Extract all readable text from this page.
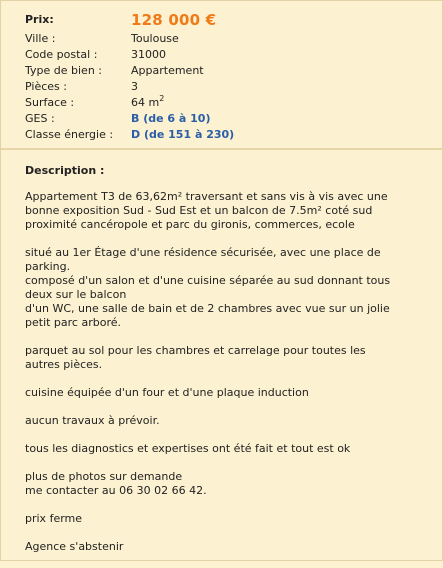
Prix:	128 000 €
Ville :	Toulouse
Code postal :	31000
Type de bien :	Appartement
Pièces :	3
Surface :	64 $m^2$
GES :	B (de 6 à 10)
Classe énergie : D (de 151 à 230)
Description :

Appartement T3 de 63,62m² traversant et sans vis à vis avec une
bonne exposition Sud - Sud Est et un balcon de 7.5m² coté sud
proximité cancéropole et parc du gironis, commerces, ecole

situé au 1er Étage d'une résidence sécurisée, avec une place de
parking.
composé d'un salon et d'une cuisine séparée au sud donnant tous
deux sur le balcon
d'un WC, une salle de bain et de 2 chambres avec vue sur un jolie
petit parc arboré.

parquet au sol pour les chambres et carrelage pour toutes les
autres pièces.

cuisine équipée d'un four et d'une plaque induction

aucun travaux à prévoir.

tous les diagnostics et expertises ont été fait et tout est ok

plus de photos sur demande
me contacter au 06 30 02 66 42.

prix ferme

Agence s'abstenir
